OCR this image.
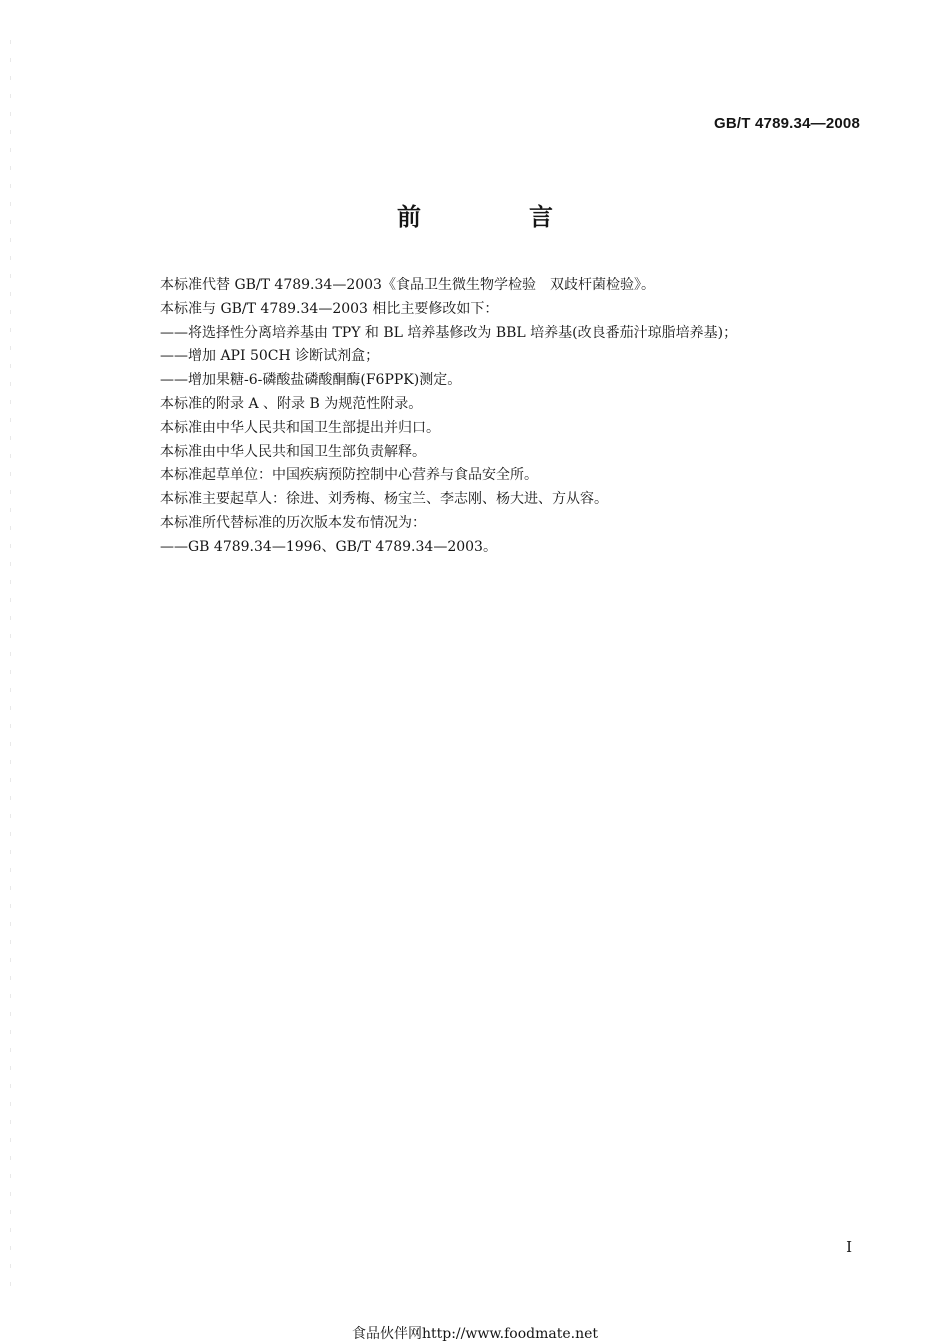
GB/T 4789.34—2008
前　言
本标准代替 GB/T 4789.34—2003《食品卫生微生物学检验　双歧杆菌检验》。
本标准与 GB/T 4789.34—2003 相比主要修改如下：
——将选择性分离培养基由 TPY 和 BL 培养基修改为 BBL 培养基(改良番茄汁琼脂培养基)；
——增加 API 50CH 诊断试剂盒；
——增加果糖-6-磷酸盐磷酸酮酶(F6PPK)测定。
本标准的附录 A 、附录 B 为规范性附录。
本标准由中华人民共和国卫生部提出并归口。
本标准由中华人民共和国卫生部负责解释。
本标准起草单位：中国疾病预防控制中心营养与食品安全所。
本标准主要起草人：徐进、刘秀梅、杨宝兰、李志刚、杨大进、方从容。
本标准所代替标准的历次版本发布情况为：
——GB 4789.34—1996、GB/T 4789.34—2003。
I
食品伙伴网http://www.foodmate.net
